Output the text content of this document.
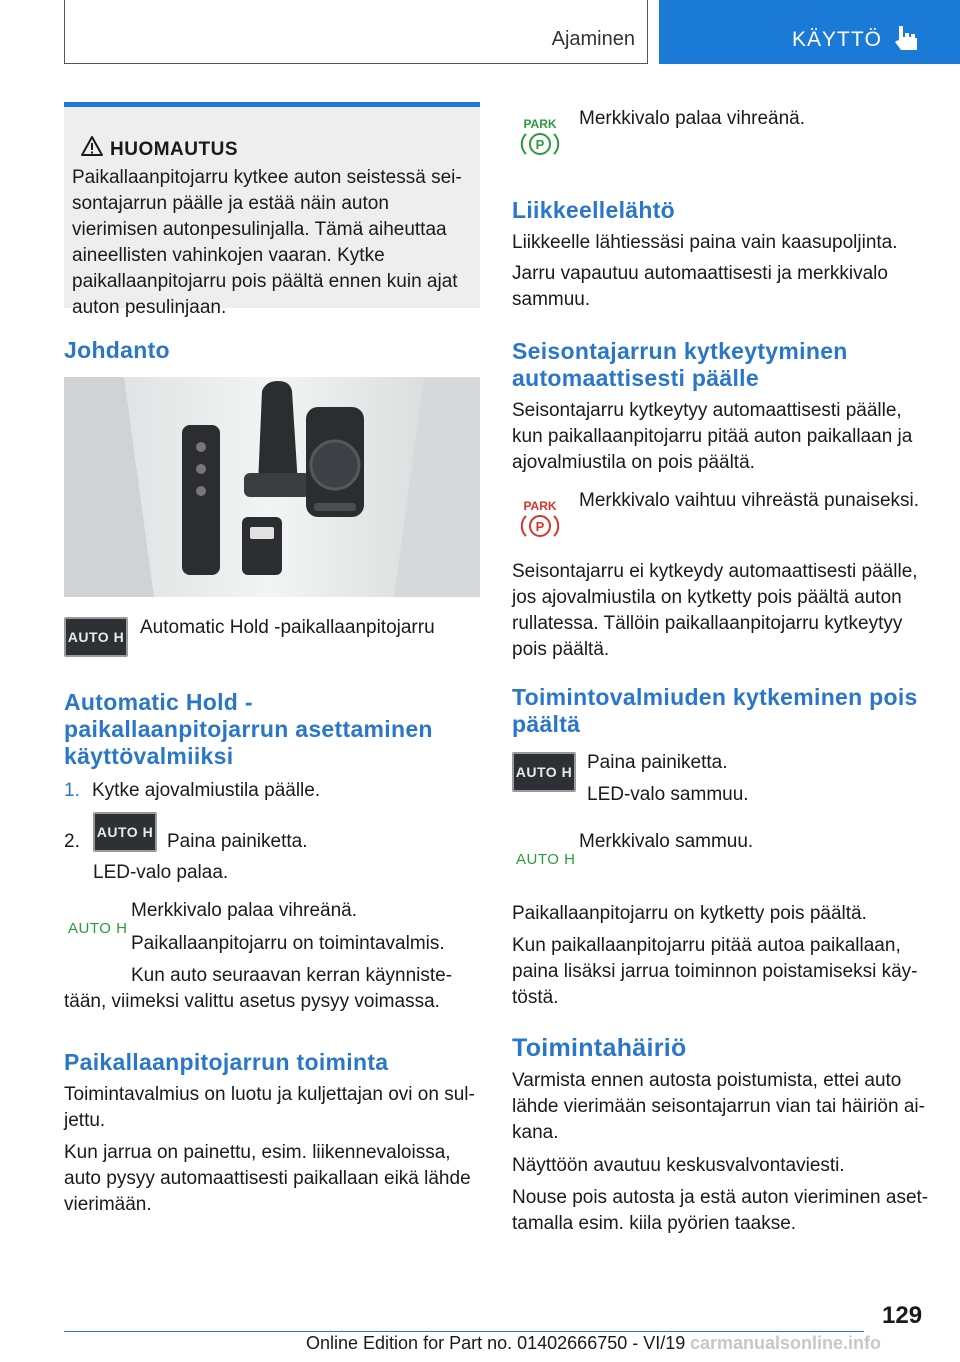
Ajaminen	KÄYTTÖ
HUOMAUTUS
Paikallaanpitojarru kytkee auton seistessä sei-sontajarrun päälle ja estää näin auton vierimisen autonpesulinjalla. Tämä aiheuttaa aineellisten vahinkojen vaaran. Kytke paikallaanpitojarru pois päältä ennen kuin ajat auton pesulinjaan.
Johdanto
AUTO H Automatic Hold -paikallaanpitojarru
Automatic Hold -
paikallaanpitojarrun asettaminen
käyttövalmiiksi
1. Kytke ajovalmiustila päälle.
2. AUTO H Paina painiketta.
LED-valo palaa.
AUTO H
Merkkivalo palaa vihreänä.
Paikallaanpitojarru on toimintavalmis.
Kun auto seuraavan kerran käynniste-
tään, viimeksi valittu asetus pysyy voimassa.
Paikallaanpitojarrun toiminta
Toimintavalmius on luotu ja kuljettajan ovi on sul-jettu.
Kun jarrua on painettu, esim. liikennevaloissa, auto pysyy automaattisesti paikallaan eikä lähde vierimään.
PARK
P
Merkkivalo palaa vihreänä.
Liikkeellelähtö
Liikkeelle lähtiessäsi paina vain kaasupoljinta.
Jarru vapautuu automaattisesti ja merkkivalo sammuu.
Seisontajarrun kytkeytyminen
automaattisesti päälle
Seisontajarru kytkeytyy automaattisesti päälle, kun paikallaanpitojarru pitää auton paikallaan ja ajovalmiustila on pois päältä.
PARK
P
Merkkivalo vaihtuu vihreästä punaiseksi.
Seisontajarru ei kytkeydy automaattisesti päälle, jos ajovalmiustila on kytketty pois päältä auton rullatessa. Tällöin paikallaanpitojarru kytkeytyy pois päältä.
Toimintovalmiuden kytkeminen pois
päältä
AUTO H Paina painiketta.
LED-valo sammuu.
AUTO H
Merkkivalo sammuu.
Paikallaanpitojarru on kytketty pois päältä.
Kun paikallaanpitojarru pitää autoa paikallaan, paina lisäksi jarrua toiminnon poistamiseksi käy-töstä.
Toimintahäiriö
Varmista ennen autosta poistumista, ettei auto lähde vierimään seisontajarrun vian tai häiriön ai-kana.
Näyttöön avautuu keskusvalvontaviesti.
Nouse pois autosta ja estä auton vieriminen aset-tamalla esim. kiila pyörien taakse.
129
Online Edition for Part no. 01402666750 - VI/19 carmanualsonline.info
